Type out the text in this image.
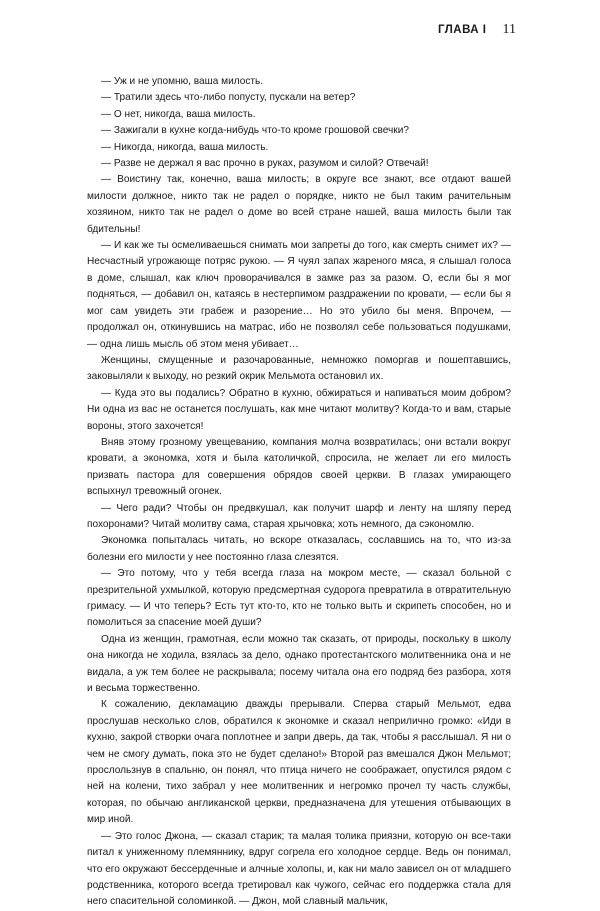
ГЛАВА I 11

— Уж и не упомню, ваша милость.

— Тратили здесь что-либо попусту, пускали на ветер?

— О нет, никогда, ваша милость.

— Зажигали в кухне когда-нибудь что-то кроме грошовой свечки?

— Никогда, никогда, ваша милость.

— Разве не держал я вас прочно в руках, разумом и силой? Отвечай!

— Воистину так, конечно, ваша милость; в округе все знают, все отдают вашей милости должное, никто так не радел о порядке, никто не был таким рачительным хозяином, никто так не радел о доме во всей стране нашей, ваша милость были так бдительны!

— И как же ты осмеливаешься снимать мои запреты до того, как смерть снимет их? — Несчастный угрожающе потряс рукою. — Я чуял запах жареного мяса, я слышал голоса в доме, слышал, как ключ проворачивался в замке раз за разом. О, если бы я мог подняться, — добавил он, катаясь в нестерпимом раздражении по кровати, — если бы я мог сам увидеть эти грабеж и разорение… Но это убило бы меня. Впрочем, — продолжал он, откинувшись на матрас, ибо не позволял себе пользоваться подушками, — одна лишь мысль об этом меня убивает…

Женщины, смущенные и разочарованные, немножко поморгав и пошептавшись, заковыляли к выходу, но резкий окрик Мельмота остановил их.

— Куда это вы подались? Обратно в кухню, обжираться и напиваться моим добром? Ни одна из вас не останется послушать, как мне читают молитву? Когда-то и вам, старые вороны, этого захочется!

Вняв этому грозному увещеванию, компания молча возвратилась; они встали вокруг кровати, а экономка, хотя и была католичкой, спросила, не желает ли его милость призвать пастора для совершения обрядов своей церкви. В глазах умирающего вспыхнул тревожный огонек.

— Чего ради? Чтобы он предвкушал, как получит шарф и ленту на шляпу перед похоронами? Читай молитву сама, старая хрычовка; хоть немного, да сэкономлю.

Экономка попыталась читать, но вскоре отказалась, сославшись на то, что из-за болезни его милости у нее постоянно глаза слезятся.

— Это потому, что у тебя всегда глаза на мокром месте, — сказал больной с презрительной ухмылкой, которую предсмертная судорога превратила в отвратительную гримасу. — И что теперь? Есть тут кто-то, кто не только выть и скрипеть способен, но и помолиться за спасение моей души?

Одна из женщин, грамотная, если можно так сказать, от природы, поскольку в школу она никогда не ходила, взялась за дело, однако протестантского молитвенника она и не видала, а уж тем более не раскрывала; посему читала она его подряд без разбора, хотя и весьма торжественно.

К сожалению, декламацию дважды прерывали. Сперва старый Мельмот, едва прослушав несколько слов, обратился к экономке и сказал неприлично громко: «Иди в кухню, закрой створки очага поплотнее и запри дверь, да так, чтобы я расслышал. Я ни о чем не смогу думать, пока это не будет сделано!» Второй раз вмешался Джон Мельмот; прослользнув в спальню, он понял, что птица ничего не соображает, опустился рядом с ней на колени, тихо забрал у нее молитвенник и негромко прочел ту часть службы, которая, по обычаю англиканской церкви, предназначена для утешения отбывающих в мир иной.

— Это голос Джона, — сказал старик; та малая толика приязни, которую он все-таки питал к униженному племяннику, вдруг согрела его холодное сердце. Ведь он понимал, что его окружают бессердечные и алчные холопы, и, как ни мало зависел он от младшего родственника, которого всегда третировал как чужого, сейчас его поддержка стала для него спасительной соломинкой. — Джон, мой славный мальчик,
